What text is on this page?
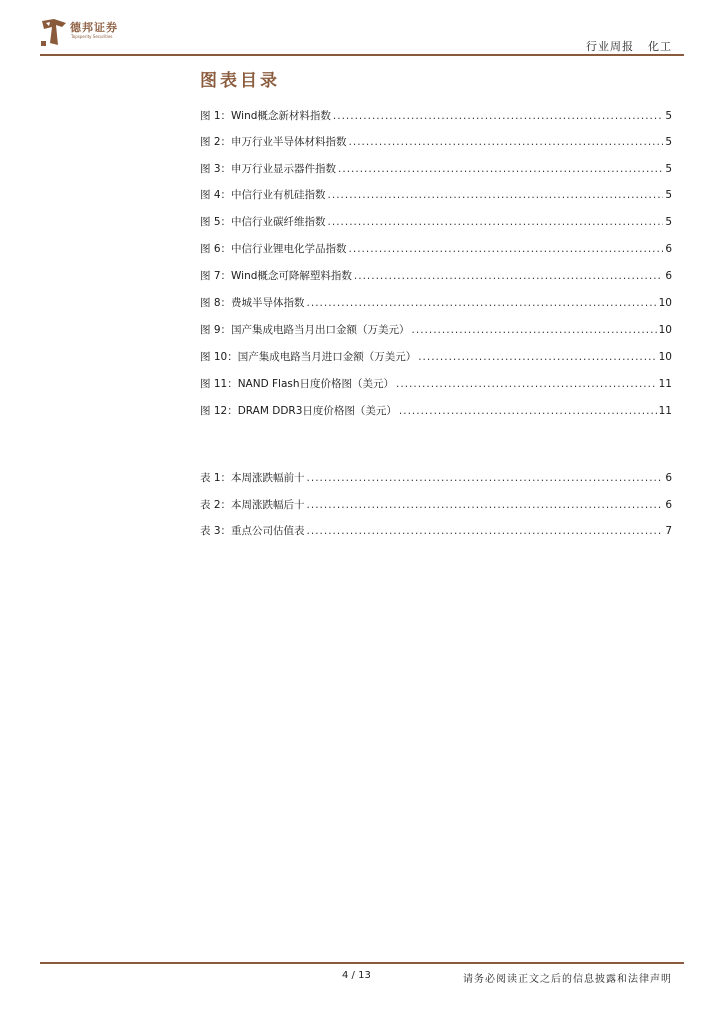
德邦证券
Topsperity Securities
行业周报 化工
图表目录
图 1：Wind概念新材料指数 .....	5
图 2：申万行业半导体材料指数 .....	5
图 3：申万行业显示器件指数 .....	5
图 4：中信行业有机硅指数 .....	5
图 5：中信行业碳纤维指数 .....	5
图 6：中信行业锂电化学品指数 .....	6
图 7：Wind概念可降解塑料指数 .....	6
图 8：费城半导体指数 .....	10
图 9：国产集成电路当月出口金额（万美元） .....	10
图 10：国产集成电路当月进口金额（万美元） .....	10
图 11：NAND Flash日度价格图（美元） .....	11
图 12：DRAM DDR3日度价格图（美元） .....	11
表 1：本周涨跌幅前十 .....	6
表 2：本周涨跌幅后十 .....	6
表 3：重点公司估值表 .....	7
4 / 13	请务必阅读正文之后的信息披露和法律声明
